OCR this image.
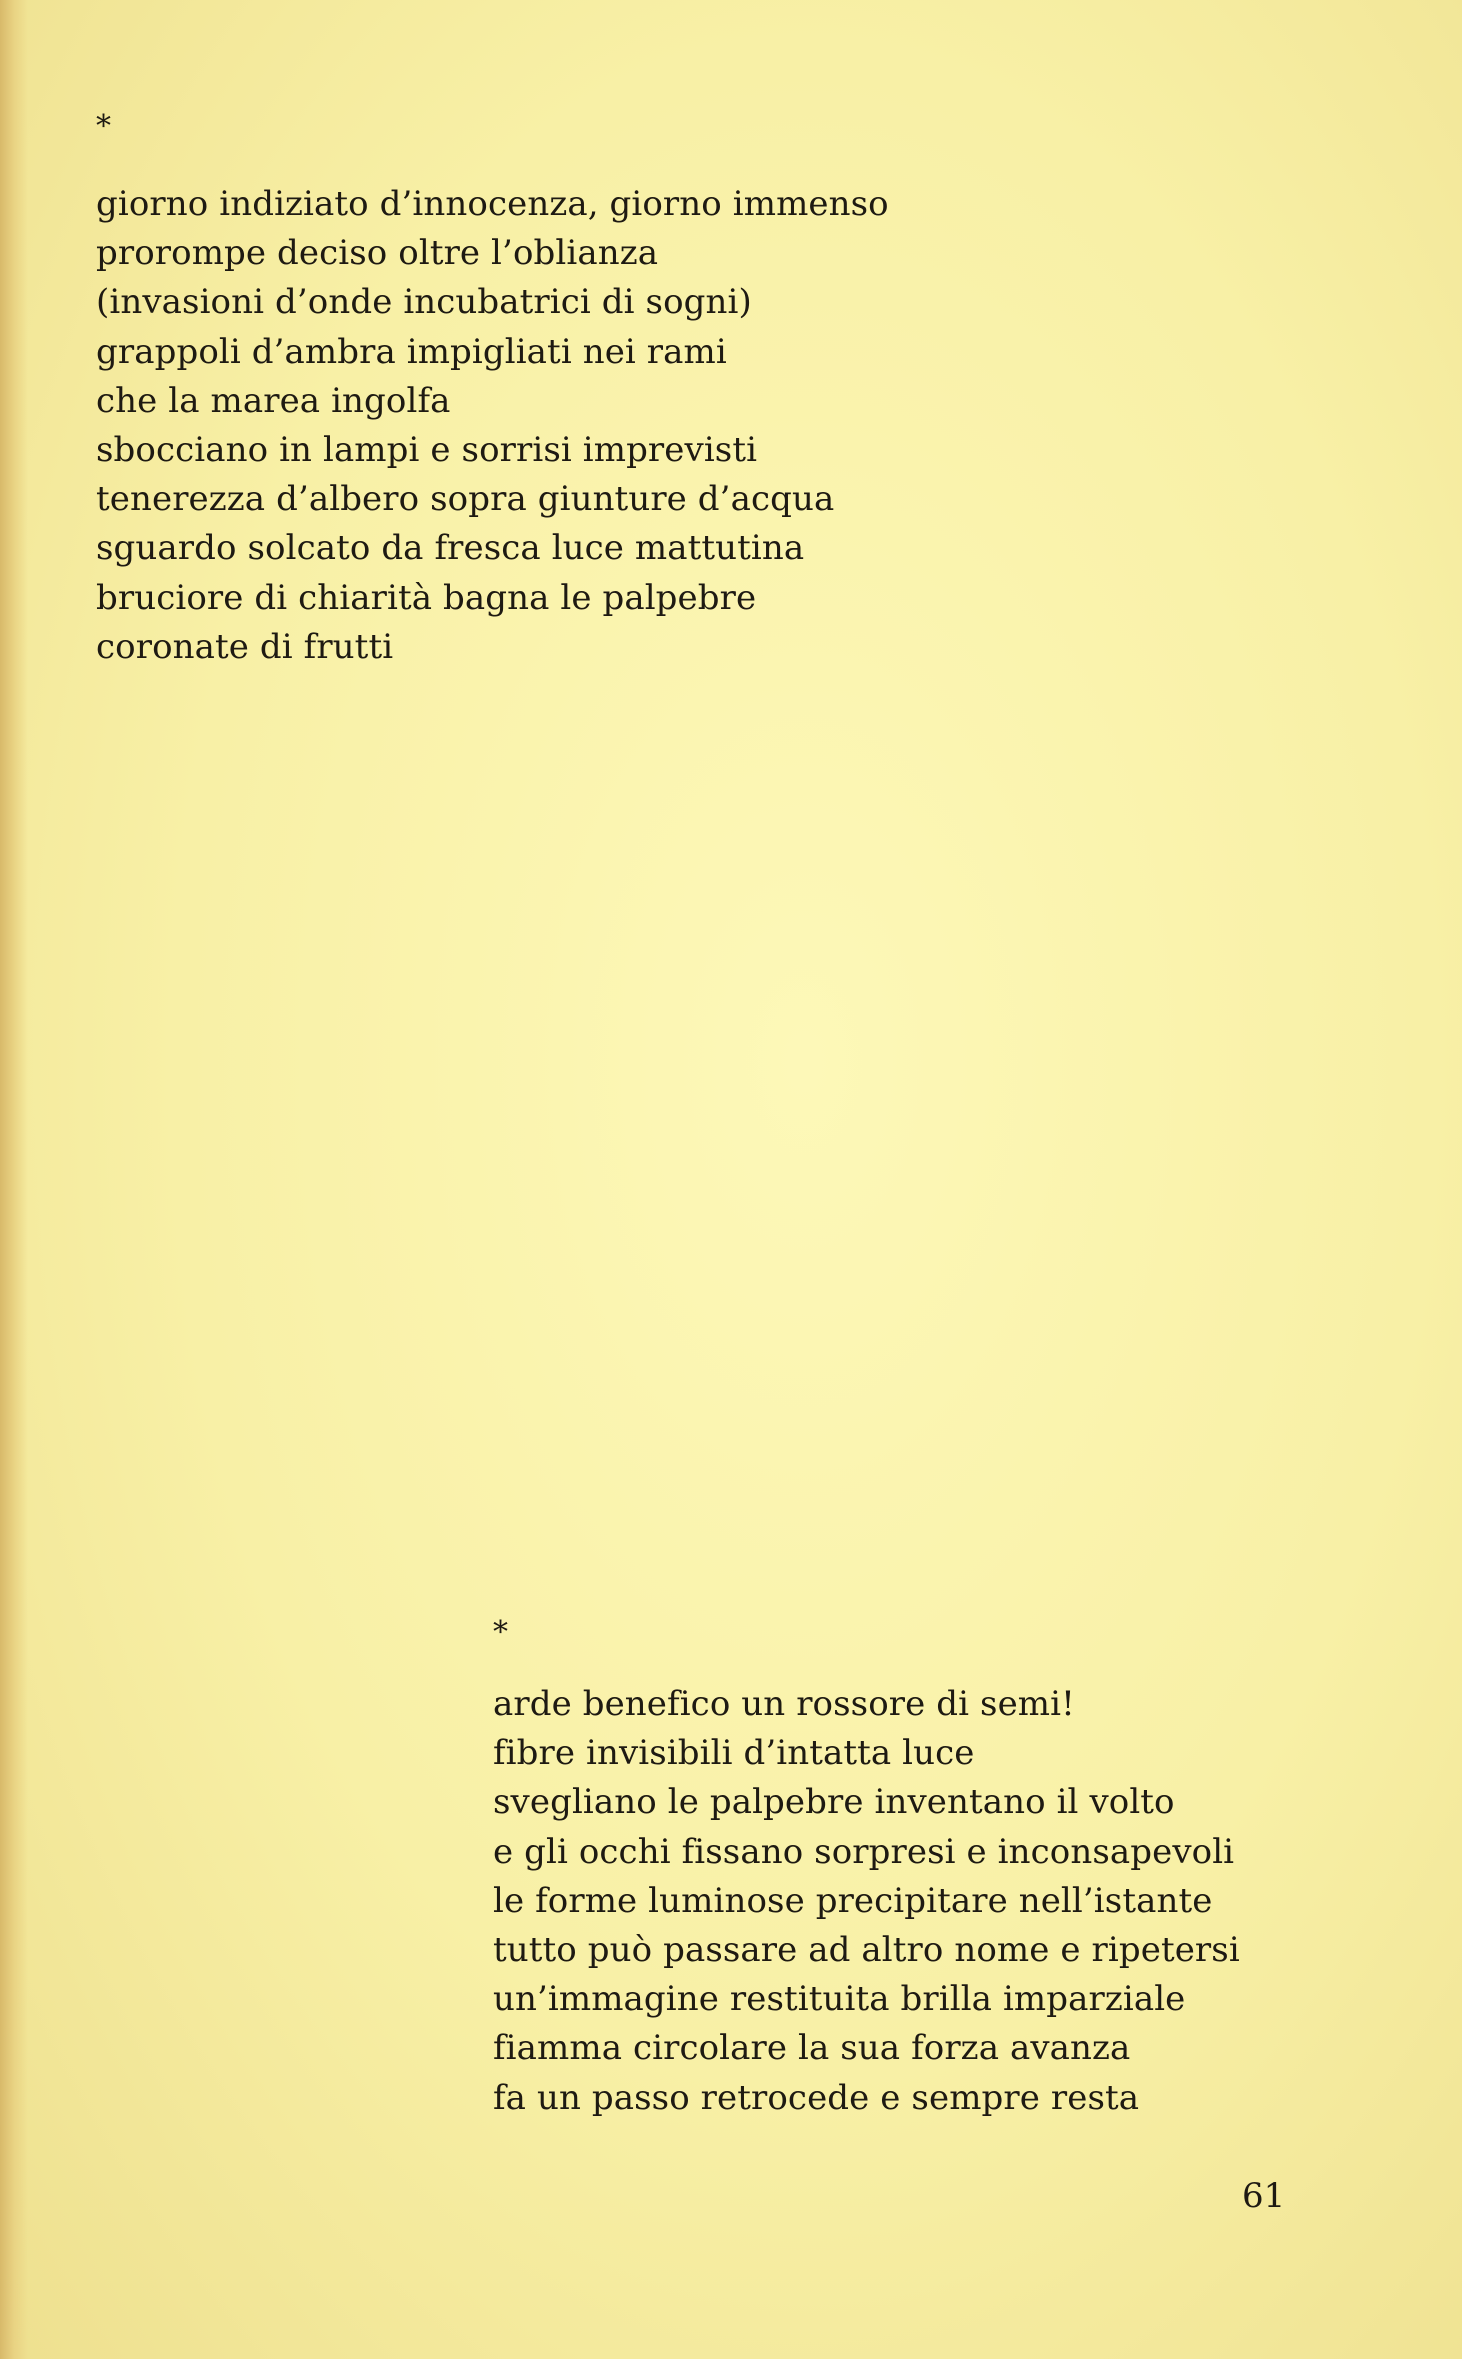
*
giorno indiziato d’innocenza, giorno immenso
prorompe deciso oltre l’oblianza
(invasioni d’onde incubatrici di sogni)
grappoli d’ambra impigliati nei rami
che la marea ingolfa
sbocciano in lampi e sorrisi imprevisti
tenerezza d’albero sopra giunture d’acqua
sguardo solcato da fresca luce mattutina
bruciore di chiarità bagna le palpebre
coronate di frutti
*
arde benefico un rossore di semi!
fibre invisibili d’intatta luce
svegliano le palpebre inventano il volto
e gli occhi fissano sorpresi e inconsapevoli
le forme luminose precipitare nell’istante
tutto può passare ad altro nome e ripetersi
un’immagine restituita brilla imparziale
fiamma circolare la sua forza avanza
fa un passo retrocede e sempre resta
61
